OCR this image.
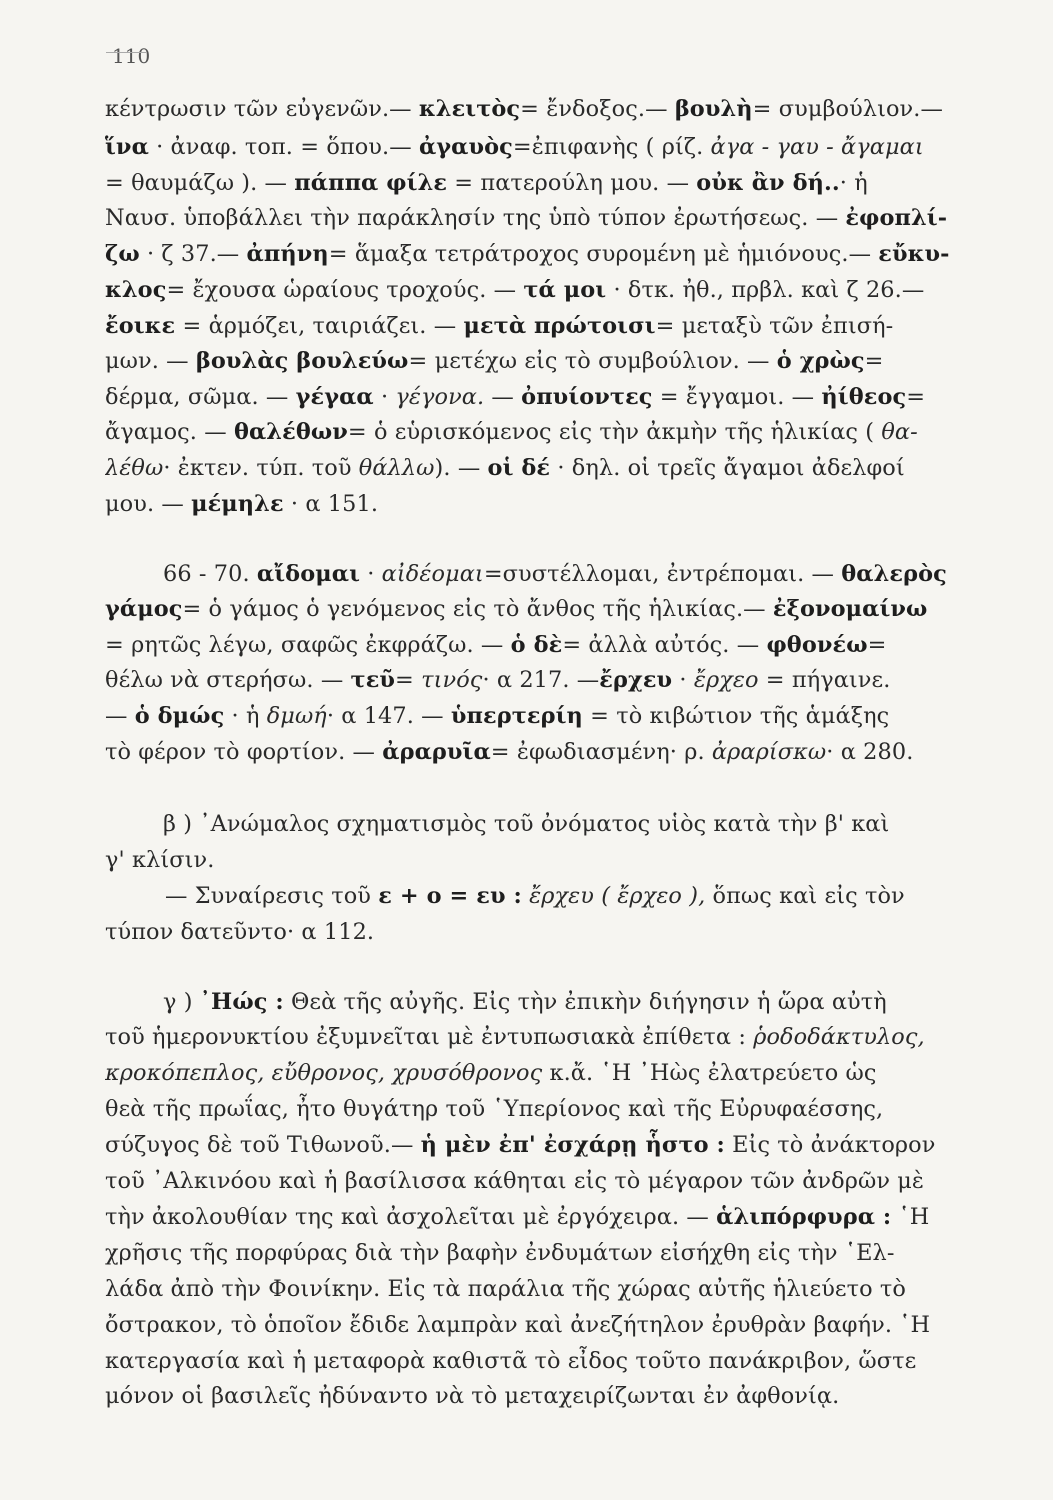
110
κέντρωσιν τῶν εὐγενῶν.— κλειτὸς= ἔνδοξος.— βουλὴ= συμβούλιον.—
ἵνα · ἀναφ. τοπ. = ὅπου.— ἀγαυὸς=ἐπιφανὴς ( ρίζ. ἀγα - γαυ - ἄγαμαι
= θαυμάζω ). — πάππα φίλε = πατερούλη μου. — οὐκ ἂν δή..· ἡ
Ναυσ. ὑποβάλλει τὴν παράκλησίν της ὑπὸ τύπον ἐρωτήσεως. — ἐφοπλί-
ζω · ζ 37.— ἀπήνη= ἅμαξα τετράτροχος συρομένη μὲ ἡμιόνους.— εὔκυ-
κλος= ἔχουσα ὡραίους τροχούς. — τά μοι · δτκ. ἠθ., πρβλ. καὶ ζ 26.—
ἔοικε = ἁρμόζει, ταιριάζει. — μετὰ πρώτοισι= μεταξὺ τῶν ἐπισή-
μων. — βουλὰς βουλεύω= μετέχω εἰς τὸ συμβούλιον. — ὁ χρὼς=
δέρμα, σῶμα. — γέγαα · γέγονα. — ὀπυίοντες = ἔγγαμοι. — ἠίθεος=
ἄγαμος. — θαλέθων= ὁ εὑρισκόμενος εἰς τὴν ἀκμὴν τῆς ἡλικίας ( θα-
λέθω· ἐκτεν. τύπ. τοῦ θάλλω). — οἱ δέ · δηλ. οἱ τρεῖς ἄγαμοι ἀδελφοί
μου. — μέμηλε · α 151.
66 - 70. αἴδομαι · αἰδέομαι=συστέλλομαι, ἐντρέπομαι. — θαλερὸς
γάμος= ὁ γάμος ὁ γενόμενος εἰς τὸ ἄνθος τῆς ἡλικίας.— ἐξονομαίνω
= ρητῶς λέγω, σαφῶς ἐκφράζω. — ὁ δὲ= ἀλλὰ αὐτός. — φθονέω=
θέλω νὰ στερήσω. — τεῦ= τινός· α 217. —ἔρχευ · ἔρχεο = πήγαινε.
— ὁ δμώς · ἡ δμωή· α 147. — ὑπερτερίη = τὸ κιβώτιον τῆς ἁμάξης
τὸ φέρον τὸ φορτίον. — ἀραρυῖα= ἐφωδιασμένη· ρ. ἀραρίσκω· α 280.
β ) ᾿Ανώμαλος σχηματισμὸς τοῦ ὀνόματος υἱὸς κατὰ τὴν β' καὶ
γ' κλίσιν.
— Συναίρεσις τοῦ ε + ο = ευ : ἔρχευ ( ἔρχεο ), ὅπως καὶ εἰς τὸν
τύπον δατεῦντο· α 112.
γ ) ᾿Ηώς : Θεὰ τῆς αὐγῆς. Εἰς τὴν ἐπικὴν διήγησιν ἡ ὥρα αὐτὴ
τοῦ ἡμερονυκτίου ἐξυμνεῖται μὲ ἐντυπωσιακὰ ἐπίθετα : ῥοδοδάκτυλος,
κροκόπεπλος, εὔθρονος, χρυσόθρονος κ.ἄ. ῾Η ᾿Ηὼς ἐλατρεύετο ὡς
θεὰ τῆς πρωΐας, ἦτο θυγάτηρ τοῦ ῾Υπερίονος καὶ τῆς Εὐρυφαέσσης,
σύζυγος δὲ τοῦ Τιθωνοῦ.— ἡ μὲν ἐπ' ἐσχάρῃ ἧστο : Εἰς τὸ ἀνάκτορον
τοῦ ᾿Αλκινόου καὶ ἡ βασίλισσα κάθηται εἰς τὸ μέγαρον τῶν ἀνδρῶν μὲ
τὴν ἀκολουθίαν της καὶ ἀσχολεῖται μὲ ἐργόχειρα. — ἁλιπόρφυρα : ῾Η
χρῆσις τῆς πορφύρας διὰ τὴν βαφὴν ἐνδυμάτων εἰσήχθη εἰς τὴν ῾Ελ-
λάδα ἀπὸ τὴν Φοινίκην. Εἰς τὰ παράλια τῆς χώρας αὐτῆς ἡλιεύετο τὸ
ὄστρακον, τὸ ὁποῖον ἔδιδε λαμπρὰν καὶ ἀνεζήτηλον ἐρυθρὰν βαφήν. ῾Η
κατεργασία καὶ ἡ μεταφορὰ καθιστᾶ τὸ εἶδος τοῦτο πανάκριβον, ὥστε
μόνον οἱ βασιλεῖς ἠδύναντο νὰ τὸ μεταχειρίζωνται ἐν ἀφθονίᾳ.
